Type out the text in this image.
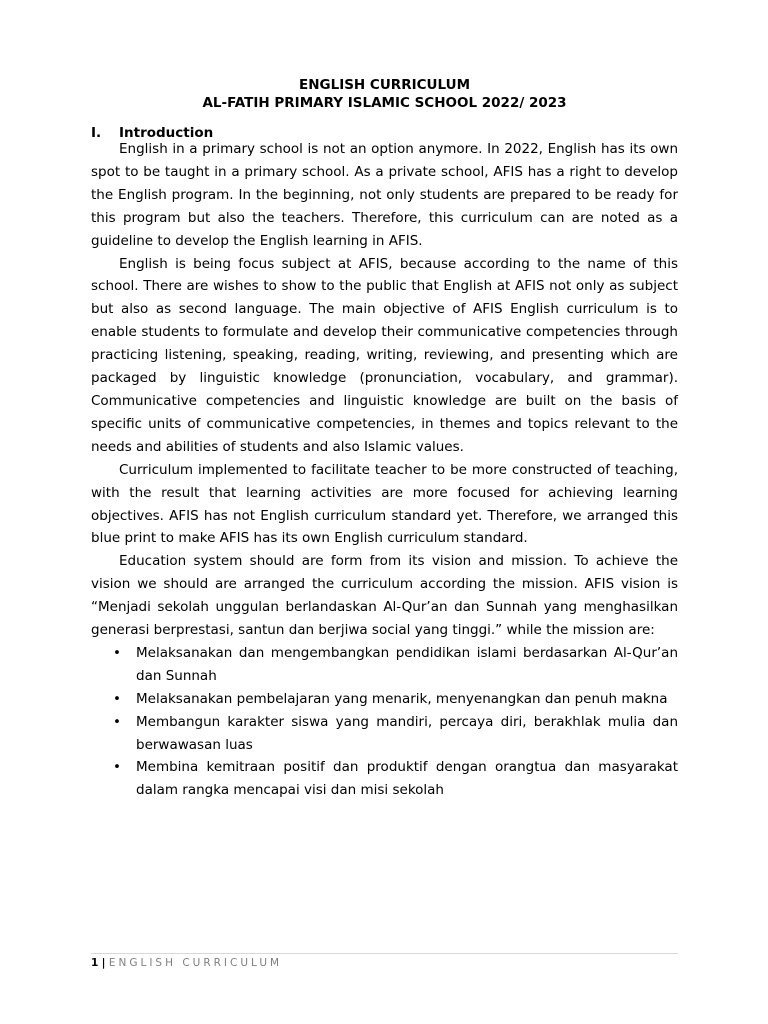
ENGLISH CURRICULUM

AL-FATIH PRIMARY ISLAMIC SCHOOL 2022/ 2023

I.	Introduction

English in a primary school is not an option anymore. In 2022, English has its own spot to be taught in a primary school. As a private school, AFIS has a right to develop the English program. In the beginning, not only students are prepared to be ready for this program but also the teachers. Therefore, this curriculum can are noted as a guideline to develop the English learning in AFIS.

English is being focus subject at AFIS, because according to the name of this school. There are wishes to show to the public that English at AFIS not only as subject but also as second language. The main objective of AFIS English curriculum is to enable students to formulate and develop their communicative competencies through practicing listening, speaking, reading, writing, reviewing, and presenting which are packaged by linguistic knowledge (pronunciation, vocabulary, and grammar). Communicative competencies and linguistic knowledge are built on the basis of specific units of communicative competencies, in themes and topics relevant to the needs and abilities of students and also Islamic values.

Curriculum implemented to facilitate teacher to be more constructed of teaching, with the result that learning activities are more focused for achieving learning objectives. AFIS has not English curriculum standard yet. Therefore, we arranged this blue print to make AFIS has its own English curriculum standard.

Education system should are form from its vision and mission. To achieve the vision we should are arranged the curriculum according the mission. AFIS vision is “Menjadi sekolah unggulan berlandaskan Al-Qur’an dan Sunnah yang menghasilkan generasi berprestasi, santun dan berjiwa social yang tinggi.” while the mission are:

• Melaksanakan dan mengembangkan pendidikan islami berdasarkan Al-Qur’an dan Sunnah
• Melaksanakan pembelajaran yang menarik, menyenangkan dan penuh makna
• Membangun karakter siswa yang mandiri, percaya diri, berakhlak mulia dan berwawasan luas
• Membina kemitraan positif dan produktif dengan orangtua dan masyarakat dalam rangka mencapai visi dan misi sekolah
1 | ENGLISH CURRICULUM
